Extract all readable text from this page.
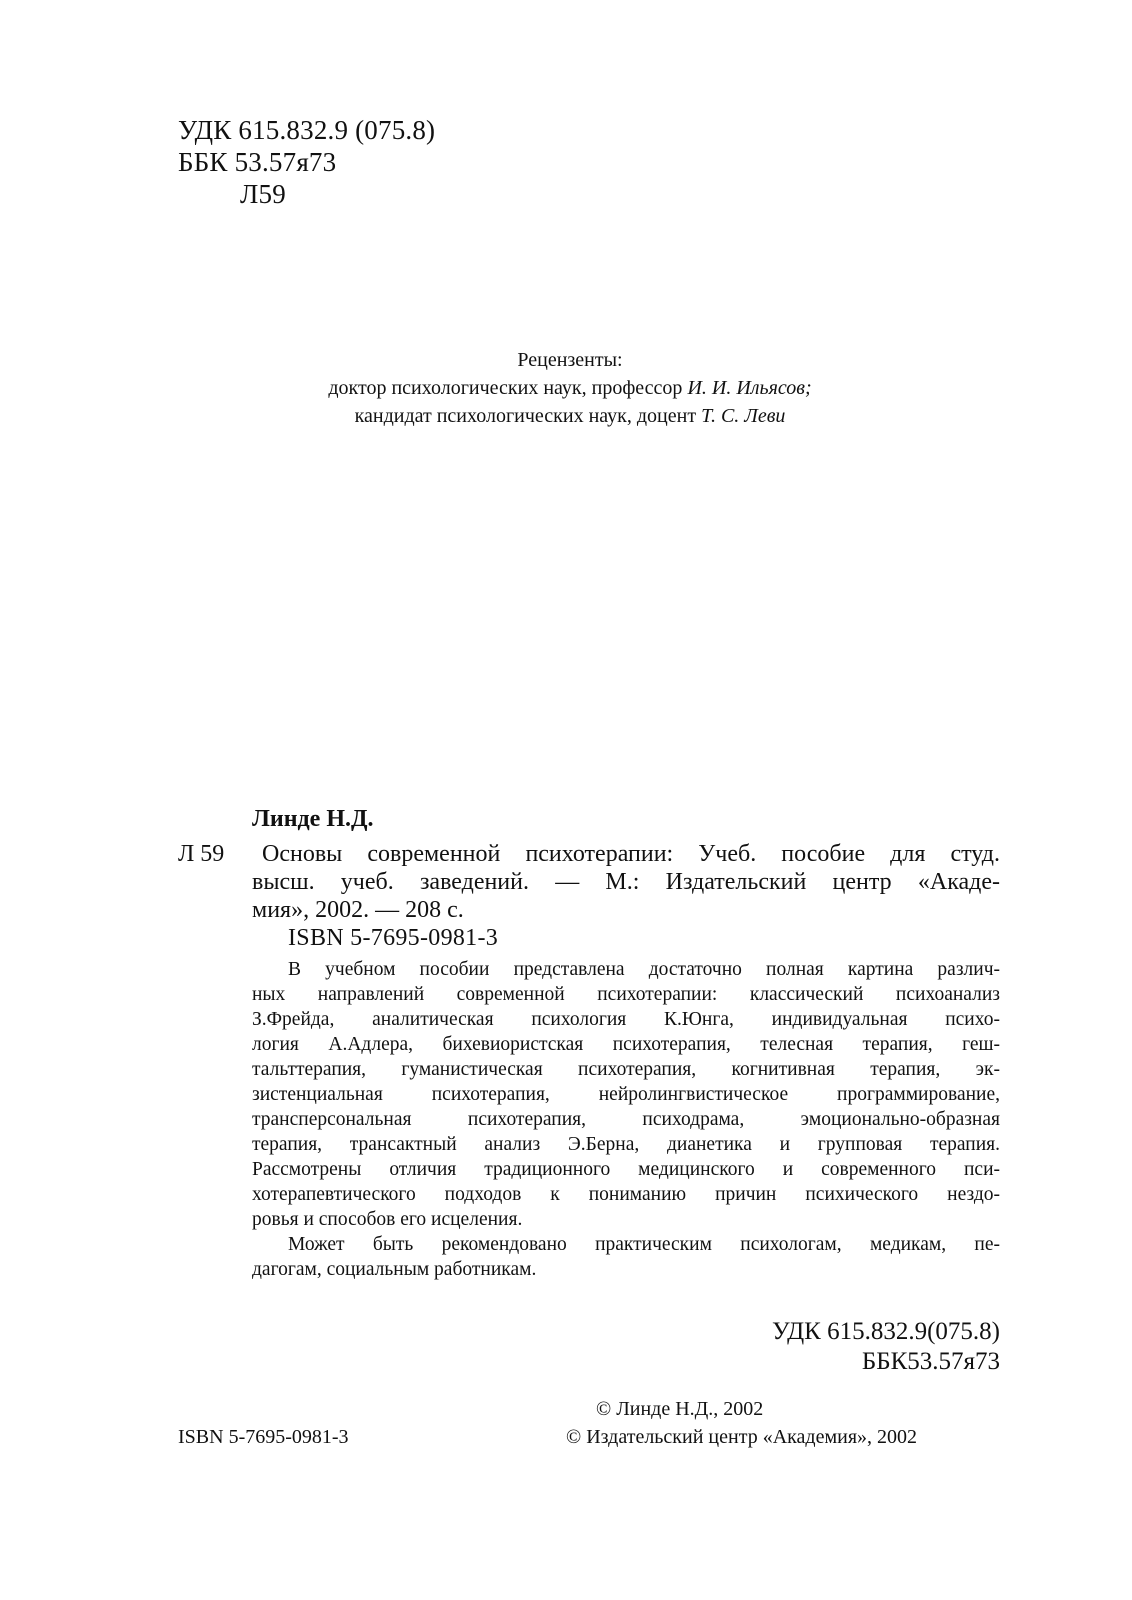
УДК 615.832.9 (075.8)
ББК 53.57я73
Л59
Рецензенты:
доктор психологических наук, профессор И. И. Ильясов;
кандидат психологических наук, доцент Т. С. Леви
Линде Н.Д.
Л 59	Основы современной психотерапии: Учеб. пособие для студ.
высш. учеб. заведений. — М.: Издательский центр «Акаде-
мия», 2002. — 208 с.
ISBN 5-7695-0981-3
В учебном пособии представлена достаточно полная картина различ-
ных направлений современной психотерапии: классический психоанализ
З.Фрейда, аналитическая психология К.Юнга, индивидуальная психо-
логия А.Адлера, бихевиористская психотерапия, телесная терапия, геш-
тальттерапия, гуманистическая психотерапия, когнитивная терапия, эк-
зистенциальная психотерапия, нейролингвистическое программирование,
трансперсональная психотерапия, психодрама, эмоционально-образная
терапия, трансактный анализ Э.Берна, дианетика и групповая терапия.
Рассмотрены отличия традиционного медицинского и современного пси-
хотерапевтического подходов к пониманию причин психического нездо-
ровья и способов его исцеления.
Может быть рекомендовано практическим психологам, медикам, пе-
дагогам, социальным работникам.
УДК 615.832.9(075.8)
ББК53.57я73
© Линде Н.Д., 2002
ISBN 5-7695-0981-3	© Издательский центр «Академия», 2002
